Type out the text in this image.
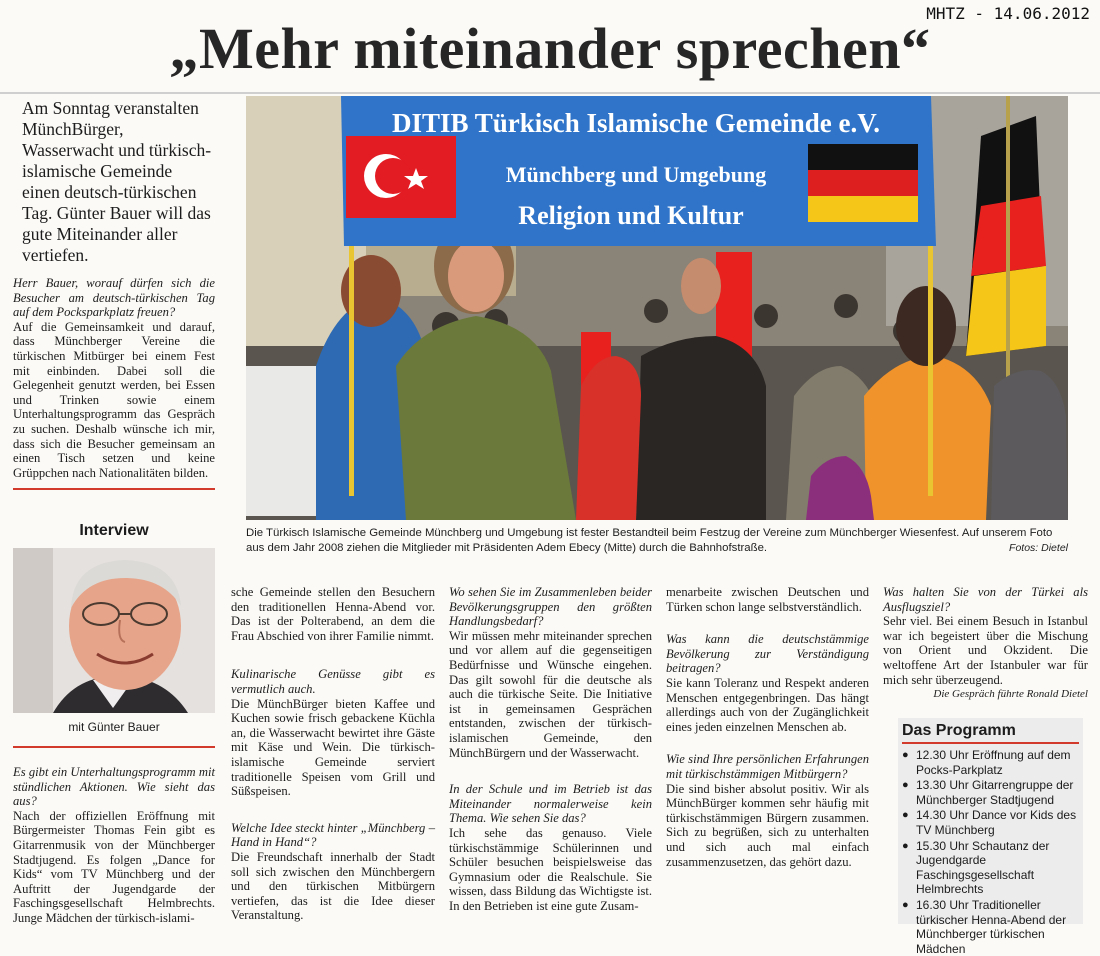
MHTZ - 14.06.2012
„Mehr miteinander sprechen“
Am Sonntag veranstalten MünchBürger, Wasserwacht und türkisch-islamische Gemeinde einen deutsch-türkischen Tag. Günter Bauer will das gute Miteinander aller vertiefen.

Herr Bauer, worauf dürfen sich die Besucher am deutsch-türkischen Tag auf dem Pocksparkplatz freuen?

Auf die Gemeinsamkeit und darauf, dass Münchberger Vereine die türkischen Mitbürger bei einem Fest mit einbinden. Dabei soll die Gelegenheit genutzt werden, bei Essen und Trinken sowie einem Unterhaltungsprogramm das Gespräch zu suchen. Deshalb wünsche ich mir, dass sich die Besucher gemeinsam an einen Tisch setzen und keine Grüppchen nach Nationalitäten bilden.

Interview
mit Günter Bauer

Es gibt ein Unterhaltungsprogramm mit stündlichen Aktionen. Wie sieht das aus?

Nach der offiziellen Eröffnung mit Bürgermeister Thomas Fein gibt es Gitarrenmusik von der Münchberger Stadtjugend. Es folgen „Dance for Kids“ vom TV Münchberg und der Auftritt der Jugendgarde der Faschingsgesellschaft Helmbrechts. Junge Mädchen der türkisch-islami-

DITIB Türkisch Islamische Gemeinde e.V.
Münchberg und Umgebung
Religion und Kultur
Die Türkisch Islamische Gemeinde Münchberg und Umgebung ist fester Bestandteil beim Festzug der Vereine zum Münchberger Wiesenfest. Auf unserem Foto aus dem Jahr 2008 ziehen die Mitglieder mit Präsidenten Adem Ebecy (Mitte) durch die Bahnhofstraße.	Fotos: Dietel

sche Gemeinde stellen den Besuchern den traditionellen Henna-Abend vor. Das ist der Polterabend, an dem die Frau Abschied von ihrer Familie nimmt.

Kulinarische Genüsse gibt es vermutlich auch.

Die MünchBürger bieten Kaffee und Kuchen sowie frisch gebackene Küchla an, die Wasserwacht bewirtet ihre Gäste mit Käse und Wein. Die türkisch-islamische Gemeinde serviert traditionelle Speisen vom Grill und Süßspeisen.

Welche Idee steckt hinter „Münchberg – Hand in Hand“?

Die Freundschaft innerhalb der Stadt soll sich zwischen den Münchbergern und den türkischen Mitbürgern vertiefen, das ist die Idee dieser Veranstaltung.

Wo sehen Sie im Zusammenleben beider Bevölkerungsgruppen den größten Handlungsbedarf?

Wir müssen mehr miteinander sprechen und vor allem auf die gegenseitigen Bedürfnisse und Wünsche eingehen. Das gilt sowohl für die deutsche als auch die türkische Seite. Die Initiative ist in gemeinsamen Gesprächen entstanden, zwischen der türkisch-islamischen Gemeinde, den MünchBürgern und der Wasserwacht.

In der Schule und im Betrieb ist das Miteinander normalerweise kein Thema. Wie sehen Sie das?

Ich sehe das genauso. Viele türkischstämmige Schülerinnen und Schüler besuchen beispielsweise das Gymnasium oder die Realschule. Sie wissen, dass Bildung das Wichtigste ist. In den Betrieben ist eine gute Zusam-

menarbeite zwischen Deutschen und Türken schon lange selbstverständlich.

Was kann die deutschstämmige Bevölkerung zur Verständigung beitragen?

Sie kann Toleranz und Respekt anderen Menschen entgegenbringen. Das hängt allerdings auch von der Zugänglichkeit eines jeden einzelnen Menschen ab.

Wie sind Ihre persönlichen Erfahrungen mit türkischstämmigen Mitbürgern?

Die sind bisher absolut positiv. Wir als MünchBürger kommen sehr häufig mit türkischstämmigen Bürgern zusammen. Sich zu begrüßen, sich zu unterhalten und sich auch mal einfach zusammenzusetzen, das gehört dazu.

Was halten Sie von der Türkei als Ausflugsziel?

Sehr viel. Bei einem Besuch in Istanbul war ich begeistert über die Mischung von Orient und Okzident. Die weltoffene Art der Istanbuler war für mich sehr überzeugend.

Die Gespräch führte Ronald Dietel

Das Programm
● 12.30 Uhr Eröffnung auf dem Pocks-Parkplatz
● 13.30 Uhr Gitarrengruppe der Münchberger Stadtjugend
● 14.30 Uhr Dance vor Kids des TV Münchberg
● 15.30 Uhr Schautanz der Jugendgarde Faschingsgesellschaft Helmbrechts
● 16.30 Uhr Traditioneller türkischer Henna-Abend der Münchberger türkischen Mädchen
